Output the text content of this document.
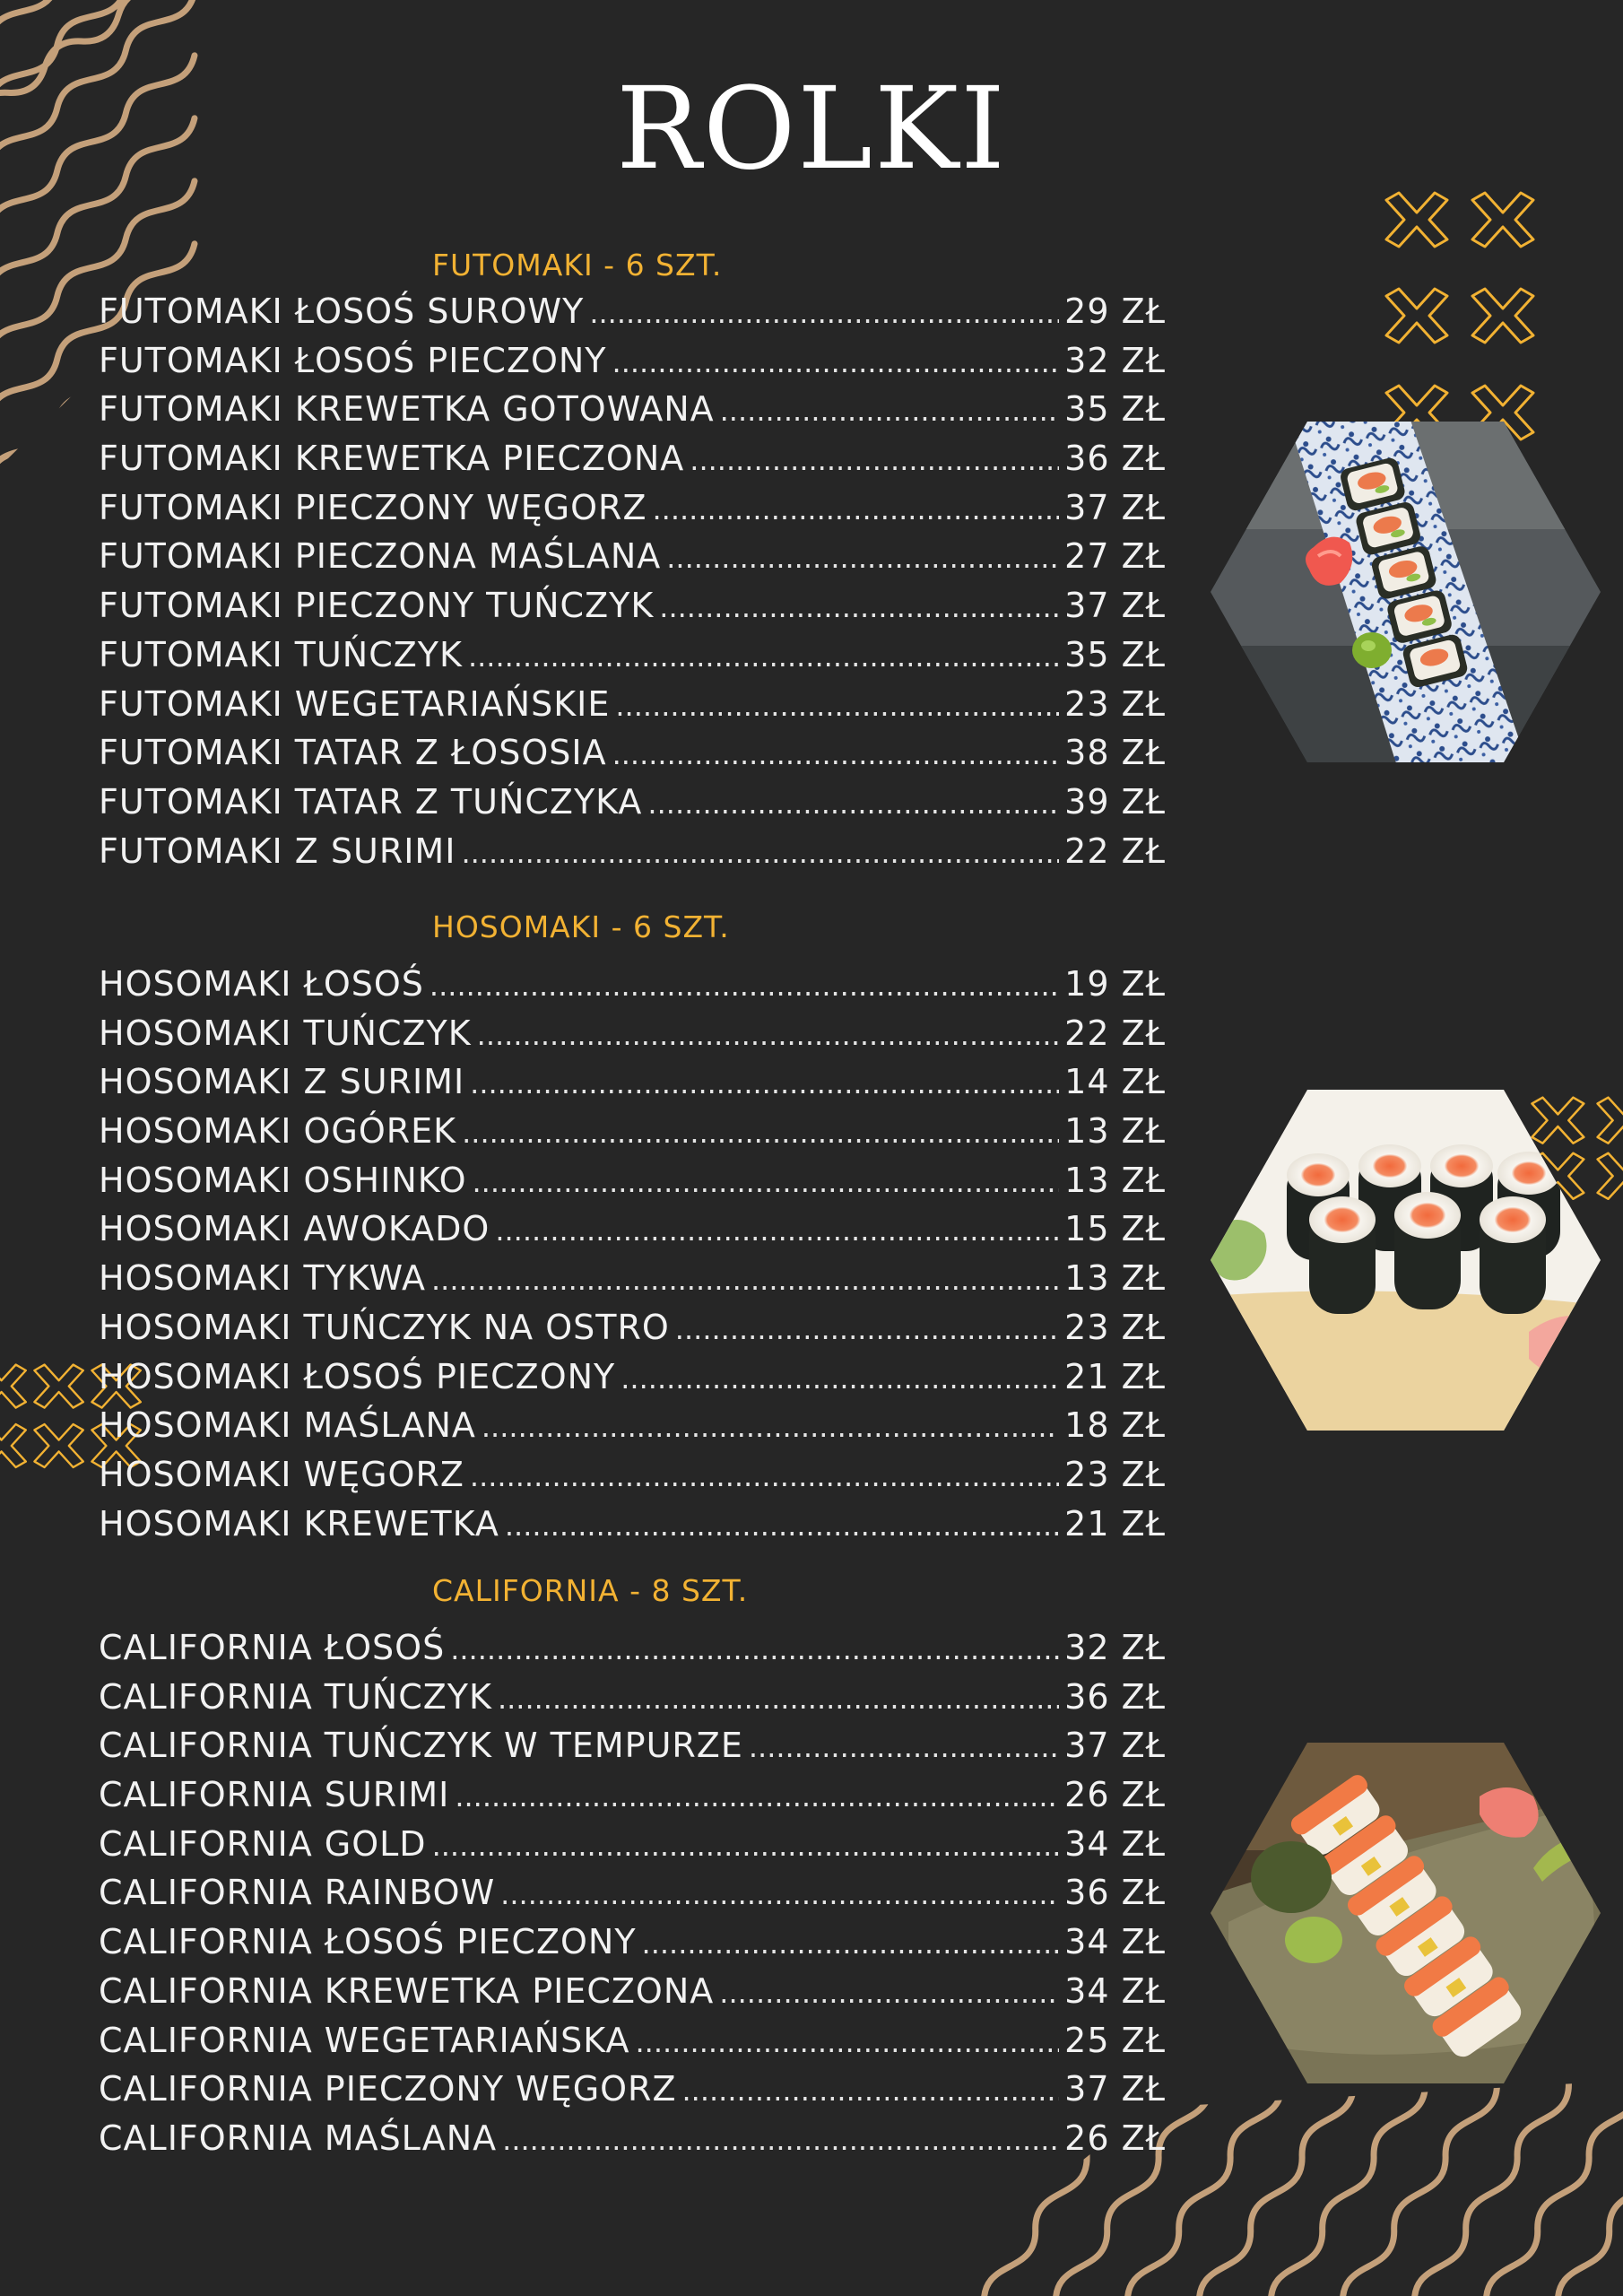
ROLKI
FUTOMAKI - 6 SZT.
FUTOMAKI ŁOSOŚ SUROWY .....	29 ZŁ
FUTOMAKI ŁOSOŚ PIECZONY .....	32 ZŁ
FUTOMAKI KREWETKA GOTOWANA .....	35 ZŁ
FUTOMAKI KREWETKA PIECZONA .....	36 ZŁ
FUTOMAKI PIECZONY WĘGORZ .....	37 ZŁ
FUTOMAKI PIECZONA MAŚLANA .....	27 ZŁ
FUTOMAKI PIECZONY TUŃCZYK .....	37 ZŁ
FUTOMAKI TUŃCZYK .....	35 ZŁ
FUTOMAKI WEGETARIAŃSKIE .....	23 ZŁ
FUTOMAKI TATAR Z ŁOSOSIA .....	38 ZŁ
FUTOMAKI TATAR Z TUŃCZYKA .....	39 ZŁ
FUTOMAKI Z SURIMI .....	22 ZŁ
HOSOMAKI - 6 SZT.
HOSOMAKI ŁOSOŚ .....	19 ZŁ
HOSOMAKI TUŃCZYK .....	22 ZŁ
HOSOMAKI Z SURIMI .....	14 ZŁ
HOSOMAKI OGÓREK .....	13 ZŁ
HOSOMAKI OSHINKO .....	13 ZŁ
HOSOMAKI AWOKADO .....	15 ZŁ
HOSOMAKI TYKWA .....	13 ZŁ
HOSOMAKI TUŃCZYK NA OSTRO .....	23 ZŁ
HOSOMAKI ŁOSOŚ PIECZONY .....	21 ZŁ
HOSOMAKI MAŚLANA .....	18 ZŁ
HOSOMAKI WĘGORZ .....	23 ZŁ
HOSOMAKI KREWETKA .....	21 ZŁ
CALIFORNIA - 8 SZT.
CALIFORNIA ŁOSOŚ .....	32 ZŁ
CALIFORNIA TUŃCZYK .....	36 ZŁ
CALIFORNIA TUŃCZYK W TEMPURZE .....	37 ZŁ
CALIFORNIA SURIMI .....	26 ZŁ
CALIFORNIA GOLD .....	34 ZŁ
CALIFORNIA RAINBOW .....	36 ZŁ
CALIFORNIA ŁOSOŚ PIECZONY .....	34 ZŁ
CALIFORNIA KREWETKA PIECZONA .....	34 ZŁ
CALIFORNIA WEGETARIAŃSKA .....	25 ZŁ
CALIFORNIA PIECZONY WĘGORZ .....	37 ZŁ
CALIFORNIA MAŚLANA .....	26 ZŁ
